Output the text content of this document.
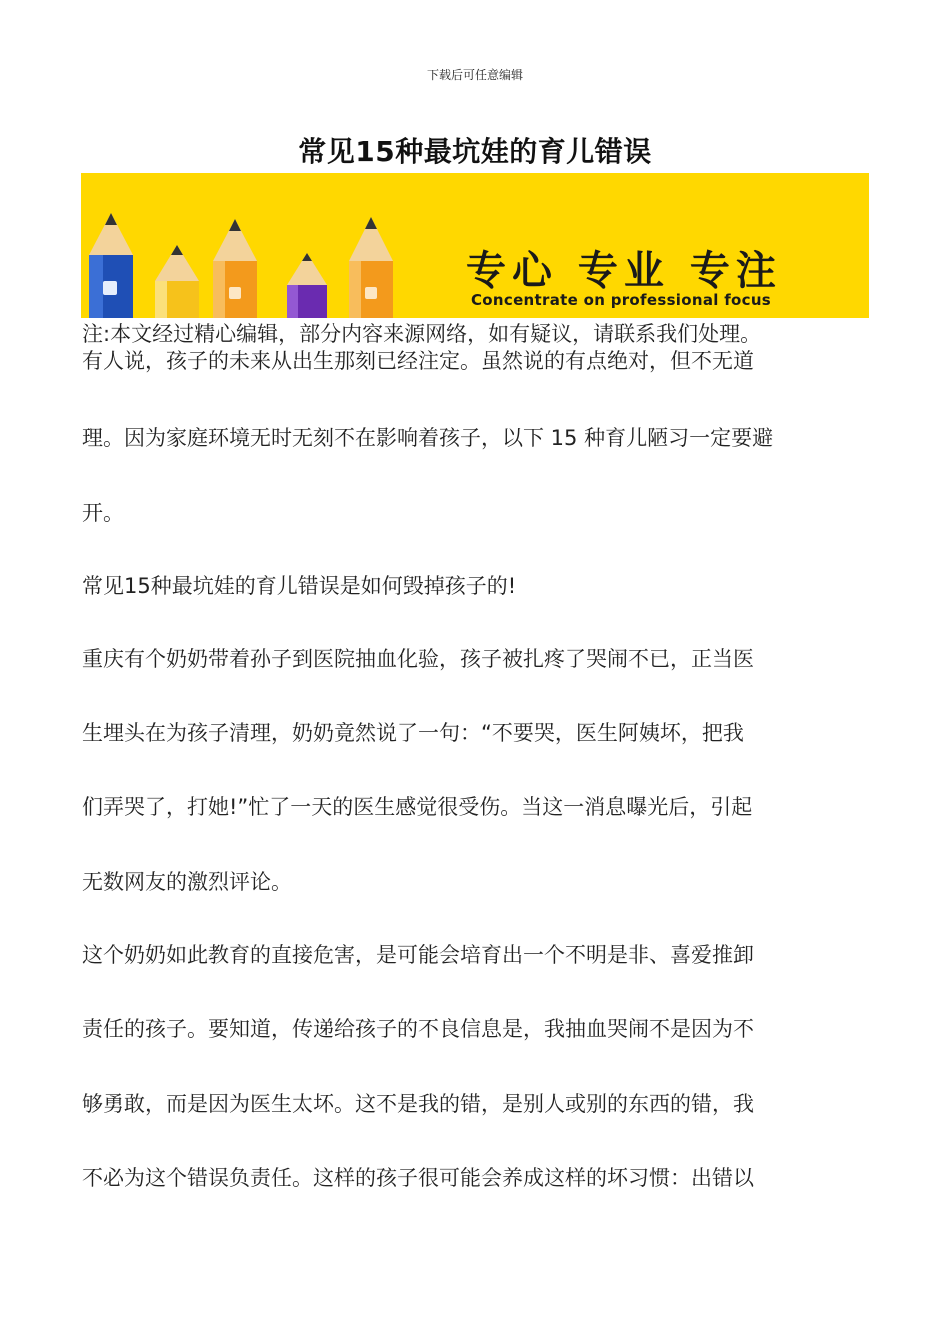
下载后可任意编辑
常见15种最坑娃的育儿错误
专心 专业 专注
Concentrate on professional focus
注:本文经过精心编辑，部分内容来源网络，如有疑议，请联系我们处理。
有人说，孩子的未来从出生那刻已经注定。虽然说的有点绝对，但不无道
理。因为家庭环境无时无刻不在影响着孩子，以下 15 种育儿陋习一定要避
开。
常见15种最坑娃的育儿错误是如何毁掉孩子的!
重庆有个奶奶带着孙子到医院抽血化验，孩子被扎疼了哭闹不已，正当医
生埋头在为孩子清理，奶奶竟然说了一句：“不要哭，医生阿姨坏，把我
们弄哭了，打她!”忙了一天的医生感觉很受伤。当这一消息曝光后，引起
无数网友的激烈评论。
这个奶奶如此教育的直接危害，是可能会培育出一个不明是非、喜爱推卸
责任的孩子。要知道，传递给孩子的不良信息是，我抽血哭闹不是因为不
够勇敢，而是因为医生太坏。这不是我的错，是别人或别的东西的错，我
不必为这个错误负责任。这样的孩子很可能会养成这样的坏习惯：出错以
